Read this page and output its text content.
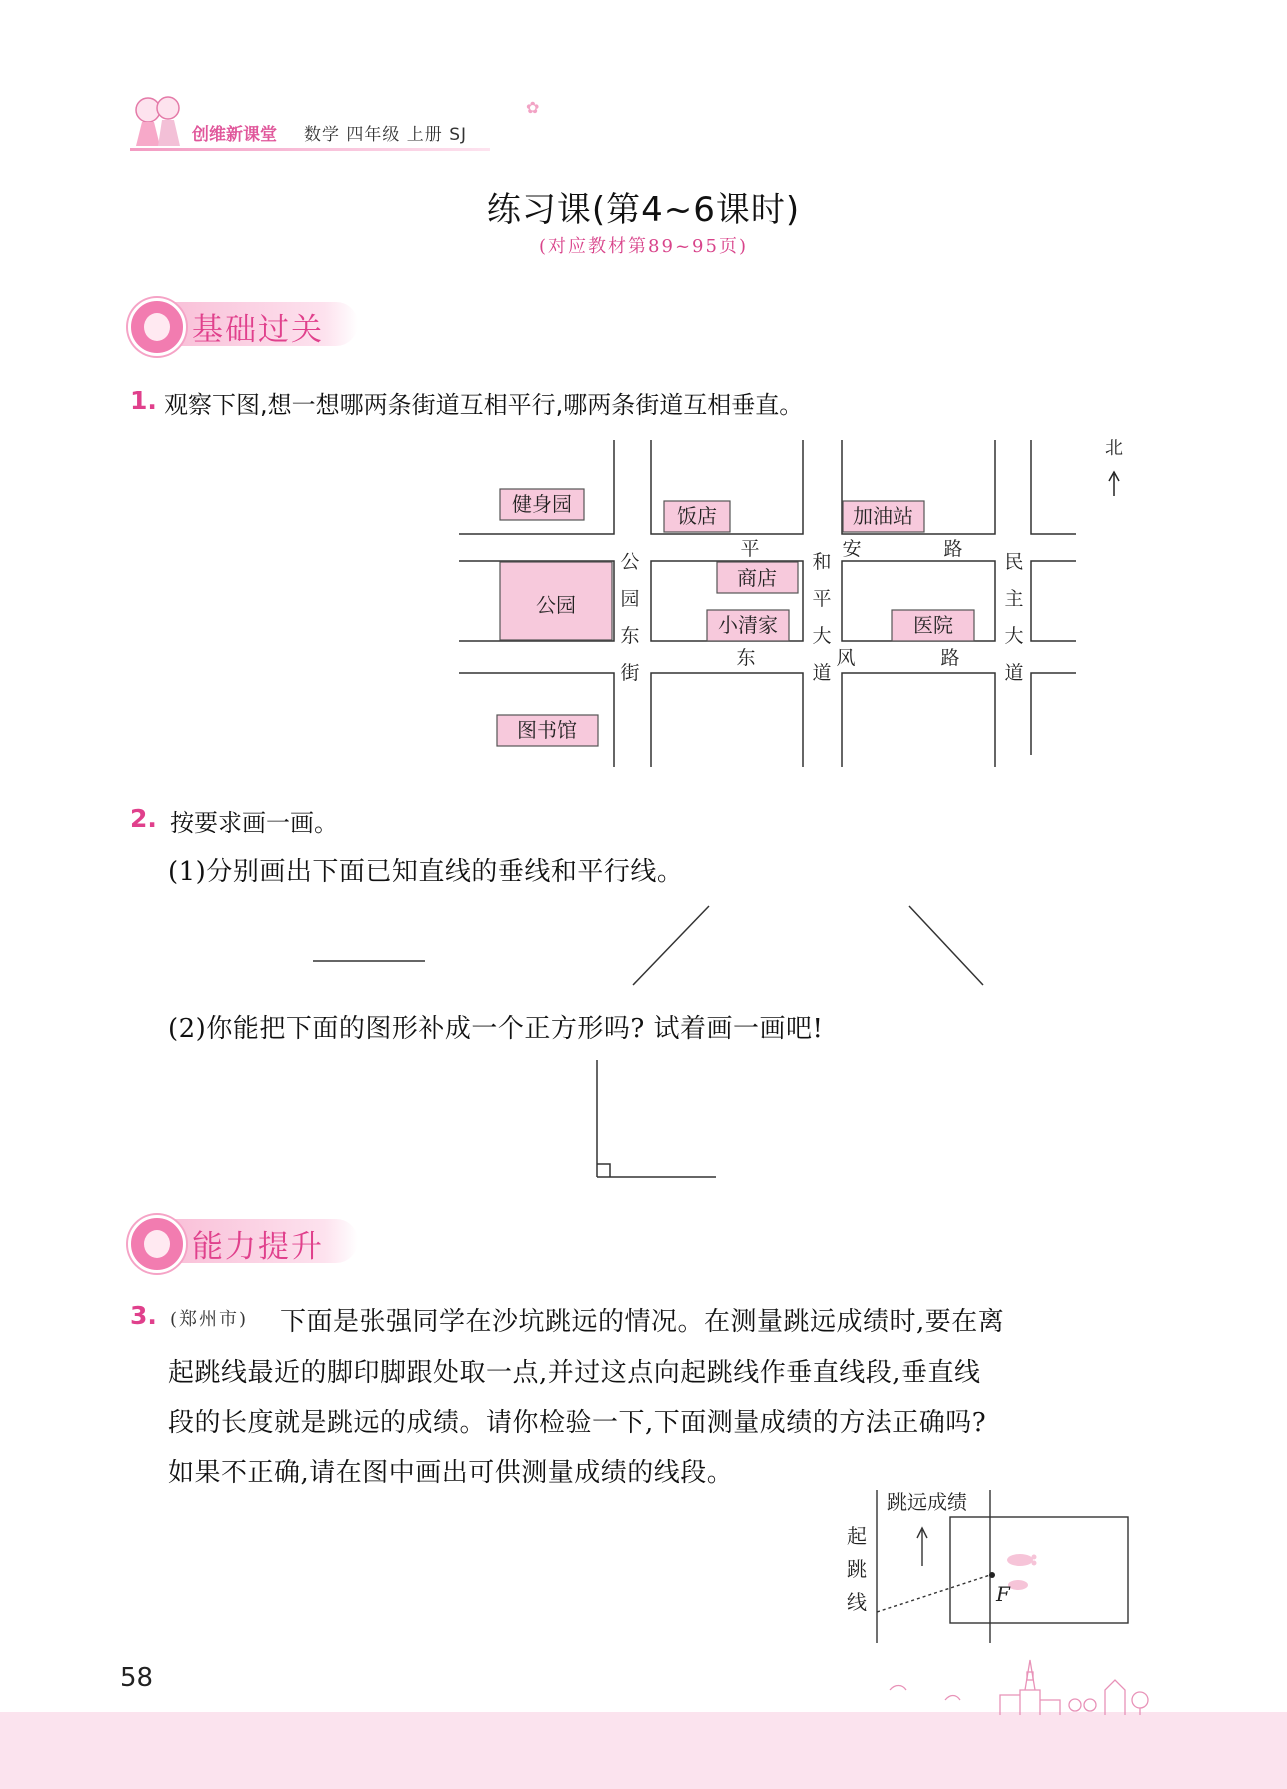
创维新课堂 数学 四年级 上册 SJ
✿
练习课(第4~6课时)
(对应教材第89~95页)
基础过关
1. 观察下图,想一想哪两条街道互相平行,哪两条街道互相垂直。
北
健身园	饭店	加油站
公园
商店
小清家	医院
图书馆
公
园
东
街
和
平
大
道
民
主
大
道
平	安	路
东	风	路
2. 按要求画一画。
(1)分别画出下面已知直线的垂线和平行线。
(2)你能把下面的图形补成一个正方形吗? 试着画一画吧!
能力提升
3. (郑州市) 下面是张强同学在沙坑跳远的情况。在测量跳远成绩时,要在离
起跳线最近的脚印脚跟处取一点,并过这点向起跳线作垂直线段,垂直线
段的长度就是跳远的成绩。请你检验一下,下面测量成绩的方法正确吗?
如果不正确,请在图中画出可供测量成绩的线段。
跳远成绩
起
跳
线	F
58
